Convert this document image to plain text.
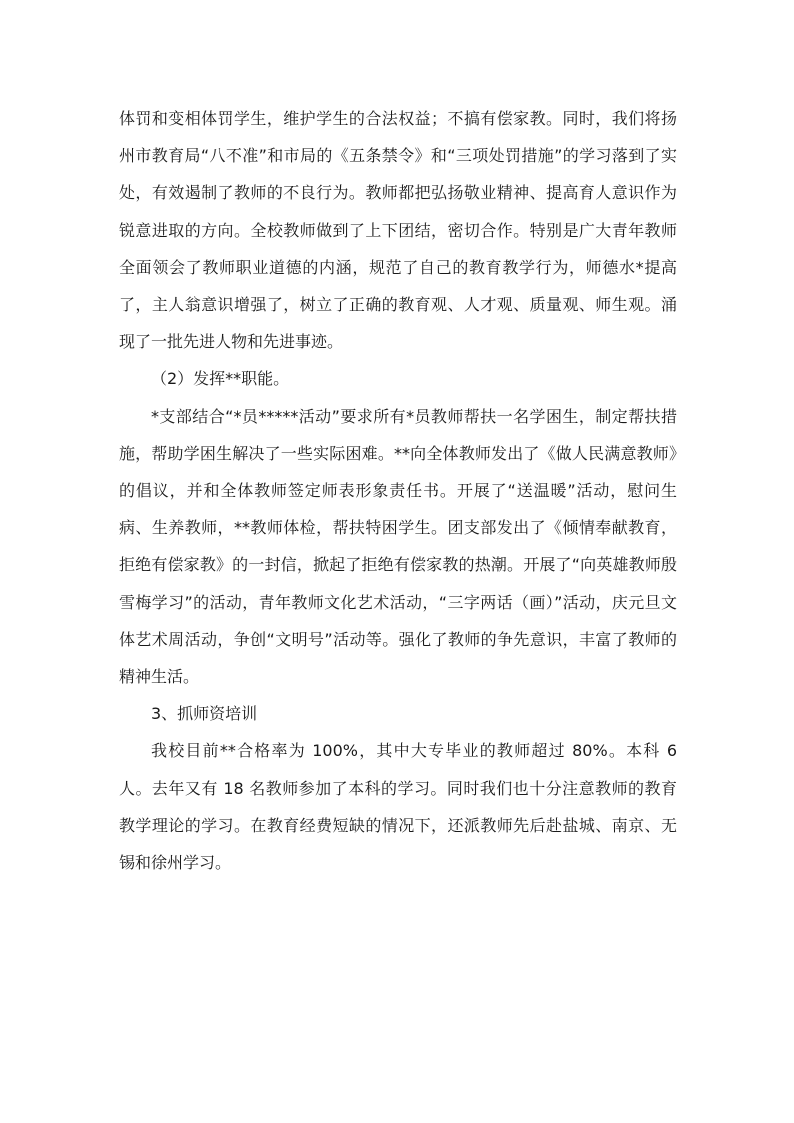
体罚和变相体罚学生，维护学生的合法权益；不搞有偿家教。同时，我们将扬州市教育局“八不准”和市局的《五条禁令》和“三项处罚措施”的学习落到了实处，有效遏制了教师的不良行为。教师都把弘扬敬业精神、提高育人意识作为锐意进取的方向。全校教师做到了上下团结，密切合作。特别是广大青年教师全面领会了教师职业道德的内涵，规范了自己的教育教学行为，师德水*提高了，主人翁意识增强了，树立了正确的教育观、人才观、质量观、师生观。涌现了一批先进人物和先进事迹。

（2）发挥**职能。

*支部结合“*员*****活动”要求所有*员教师帮扶一名学困生，制定帮扶措施，帮助学困生解决了一些实际困难。**向全体教师发出了《做人民满意教师》的倡议，并和全体教师签定师表形象责任书。开展了“送温暖”活动，慰问生病、生养教师，**教师体检，帮扶特困学生。团支部发出了《倾情奉献教育，拒绝有偿家教》的一封信，掀起了拒绝有偿家教的热潮。开展了“向英雄教师殷雪梅学习”的活动，青年教师文化艺术活动，“三字两话（画）”活动，庆元旦文体艺术周活动，争创“文明号”活动等。强化了教师的争先意识，丰富了教师的精神生活。

3、抓师资培训

我校目前**合格率为 100%，其中大专毕业的教师超过 80%。本科 6 人。去年又有 18 名教师参加了本科的学习。同时我们也十分注意教师的教育教学理论的学习。在教育经费短缺的情况下，还派教师先后赴盐城、南京、无锡和徐州学习。
